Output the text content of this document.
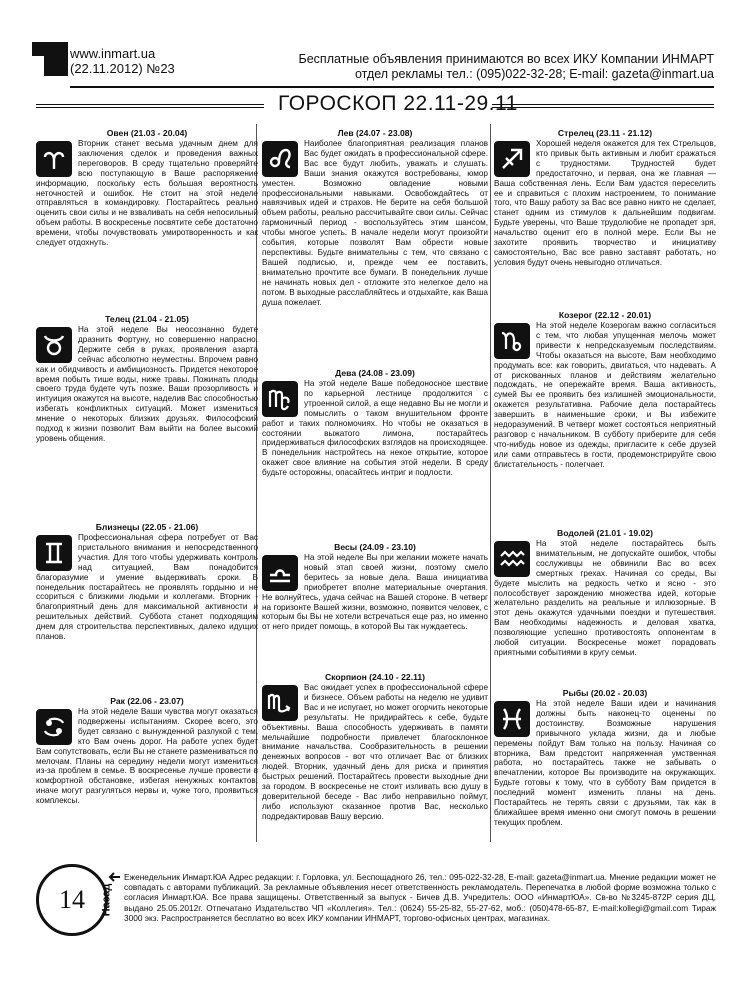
www.inmart.ua
(22.11.2012) №23
Бесплатные объявления принимаются во всех ИКУ Компании ИНМАРТ
отдел рекламы тел.: (095)022-32-28; E-mail: gazeta@inmart.ua
ГОРОСКОП 22.11-29.11
Овен (21.03 - 20.04)

Вторник станет весьма удачным днем для заключения сделок и проведения важных переговоров. В среду тщательно проверяйте всю поступающую в Ваше распоряжение информацию, поскольку есть большая вероятность неточностей и ошибок. Не стоит на этой неделе отправляться в командировку. Постарайтесь реально оценить свои силы и не взваливать на себя непосильный объем работы. В воскресенье посвятите себе достаточно времени, чтобы почувствовать умиротворенность и как следует отдохнуть.

Телец (21.04 - 21.05)

На этой неделе Вы неосознанно будете дразнить Фортуну, но совершенно напрасно. Держите себя в руках, проявления азарта сейчас абсолютно неуместны. Впрочем равно как и обидчивость и амбициозность. Придется некоторое время побыть тише воды, ниже травы. Пожинать плоды своего труда будете чуть позже. Ваши прозорливость и интуиция окажутся на высоте, наделив Вас способностью избегать конфликтных ситуаций. Может измениться мнение о некоторых близких друзьях. Философский подход к жизни позволит Вам выйти на более высокий уровень общения.

Близнецы (22.05 - 21.06)

Профессиональная сфера потребует от Вас пристального внимания и непосредственного участия. Для того чтобы удерживать контроль над ситуацией, Вам понадобится благоразумие и умение выдерживать сроки. В понедельник постарайтесь не проявлять гордыню и не ссориться с близкими людьми и коллегами. Вторник - благоприятный день для максимальной активности и решительных действий. Суббота станет подходящим днем для строительства перспективных, далеко идущих планов.

Рак (22.06 - 23.07)

На этой неделе Ваши чувства могут оказаться подвержены испытаниям. Скорее всего, это будет связано с вынужденной разлукой с тем, кто Вам очень дорог. На работе успех будет Вам сопутствовать, если Вы не станете размениваться по мелочам. Планы на середину недели могут измениться из-за проблем в семье. В воскресенье лучше провести в комфортной обстановке, избегая ненужных контактов, иначе могут разгуляться нервы и, чуже того, проявиться комплексы.

Лев (24.07 - 23.08)

Наиболее благоприятная реализация планов Вас будет ожидать в профессиональной сфере. Вас все будут любить, уважать и слушать. Ваши знания окажутся востребованы, юмор уместен. Возможно овладение новыми профессиональными навыками. Освобождайтесь от навязчивых идей и страхов. Не берите на себя большой объем работы, реально рассчитывайте свои силы. Сейчас гармоничный период - воспользуйтесь этим шансом, чтобы многое успеть. В начале недели могут произойти события, которые позволят Вам обрести новые перспективы. Будьте внимательны с тем, что связано с Вашей подписью, и, прежде чем ее поставить, внимательно прочтите все бумаги. В понедельник лучше не начинать новых дел - отложите это нелегкое дело на потом. В выходные расслабляйтесь и отдыхайте, как Ваша душа пожелает.

Дева (24.08 - 23.09)

На этой неделе Ваше победоносное шествие по карьерной лестнице продолжится с утроенной силой, а еще недавно Вы не могли и помыслить о таком внушительном фронте работ и таких полномочиях. Но чтобы не оказаться в состоянии выжатого лимона, постарайтесь придерживаться философских взглядов на происходящее. В понедельник настройтесь на некое открытие, которое окажет свое влияние на события этой недели. В среду будьте осторожны, опасайтесь интриг и подлости.

Весы (24.09 - 23.10)

На этой неделе Вы при желании можете начать новый этап своей жизни, поэтому смело беритесь за новые дела. Ваша инициатива приобретет вполне материальные очертания. Не волнуйтесь, удача сейчас на Вашей стороне. В четверг на горизонте Вашей жизни, возможно, появится человек, с которым бы Вы не хотели встречаться еще раз, но именно от него придет помощь, в которой Вы так нуждаетесь.

Скорпион (24.10 - 22.11)

Вас ожидает успех в профессиональной сфере и бизнесе. Объем работы на неделю не удивит Вас и не испугает, но может огорчить некоторые результаты. Не придирайтесь к себе, будьте объективны. Ваша способность удерживать в памяти мельчайшие подробности привлечет благосклонное внимание начальства. Сообразительность в решении денежных вопросов - вот что отличает Вас от близких людей. Вторник, удачный день для риска и принятия быстрых решений. Постарайтесь провести выходные дни за городом. В воскресенье не стоит изливать всю душу в доверительной беседе - Вас либо неправильно поймут, либо используют сказанное против Вас, несколько подредактировав Вашу версию.

Стрелец (23.11 - 21.12)

Хорошей неделя окажется для тех Стрельцов, кто привык быть активным и любит сражаться с трудностями. Трудностей будет предостаточно, и первая, она же главная — Ваша собственная лень. Если Вам удастся переселить ее и справиться с плохим настроением, то понимание того, что Вашу работу за Вас все равно никто не сделает, станет одним из стимулов к дальнейшим подвигам. Будьте уверены, что Ваше трудолюбие не пропадет зря, начальство оценит его в полной мере. Если Вы не захотите проявить творчество и инициативу самостоятельно, Вас все равно заставят работать, но условия будут очень невыгодно отличаться.

Козерог (22.12 - 20.01)

На этой неделе Козерогам важно согласиться с тем, что любая упущенная мелочь может привести к непредсказуемым последствиям. Чтобы оказаться на высоте, Вам необходимо продумать все: как говорить, двигаться, что надевать. А от рискованных планов и действиям желательно подождать, не опережайте время. Ваша активность, сумей Вы ее проявить без излишней эмоциональности, окажется результативна. Рабочие дела постарайтесь завершить в наименьшие сроки, и Вы избежите недоразумений. В четверг может состояться неприятный разговор с начальником. В субботу приберите для себя что-нибудь новое из одежды, пригласите к себе друзей или сами отправьтесь в гости, продемонстрируйте свою блистательность - полегчает.

Водолей (21.01 - 19.02)

На этой неделе постарайтесь быть внимательным, не допускайте ошибок, чтобы сослуживцы не обвинили Вас во всех смертных грехах. Начиная со среды, Вы будете мыслить на редкость четко и ясно - это полособствует зарождению множества идей, которые желательно разделить на реальные и иллюзорные. В этот день окажутся удачными поездки и путешествия. Вам необходимы надежность и деловая хватка, позволяющие успешно противостоять оппонентам в любой ситуации. Воскресенье может порадовать приятными событиями в кругу семьи.

Рыбы (20.02 - 20.03)

На этой неделе Ваши идеи и начинания должны быть наконец-то оценены по достоинству. Возможные нарушения привычного уклада жизни, да и любые перемены пойдут Вам только на пользу. Начиная со вторника, Вам предстоит напряженная умственная работа, но постарайтесь также не забывать о впечатлении, которое Вы производите на окружающих. Будьте готовы к тому, что в субботу Вам придется в последний момент изменить планы на день. Постарайтесь не терять связи с друзьями, так как в ближайшее время именно они смогут помочь в решении текущих проблем.

14	Назад
Еженедельник Инмарт.ЮА Адрес редакции: г. Горловка, ул. Беспощадного 26, тел.: 095-022-32-28, E-mail: gazeta@inmart.ua. Мнение редакции может не совпадать с авторами публикаций. За рекламные объявления несет ответственность рекламодатель. Перепечатка в любой форме возможна только с согласия Инмарт.ЮА. Все права защищены. Ответственный за выпуск - Бичев Д.В. Учредитель: ООО «ИнмартЮА». Св-во №3245-872Р серия ДЦ, выдано 25.05.2012г. Отпечатано Издательство ЧП «Коллегия». Тел.: (0624) 55-25-82, 55-27-62, моб.: (050)478-65-87, E-mail:kollegi@gmail.com Тираж 3000 экз. Распространяется бесплатно во всех ИКУ компании ИНМАРТ, торгово-офисных центрах, магазинах.
